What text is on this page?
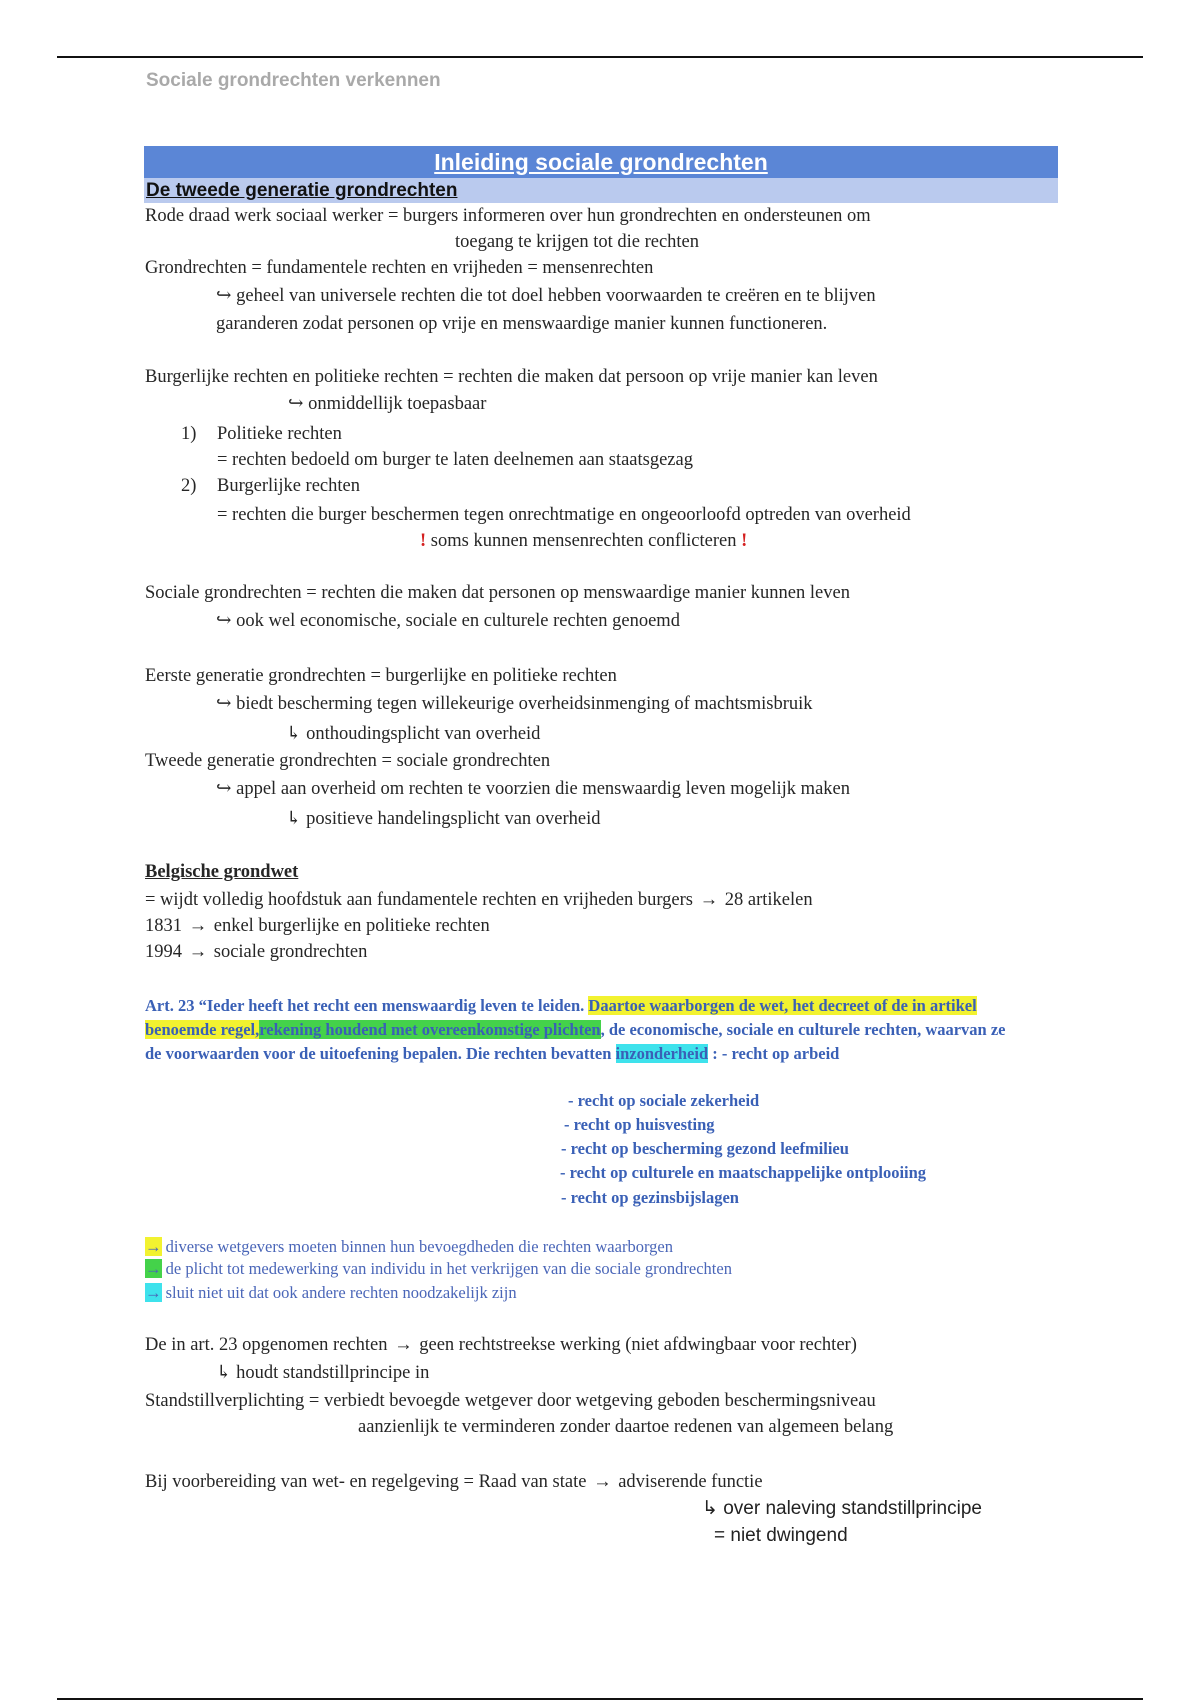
Sociale grondrechten verkennen
Inleiding sociale grondrechten
De tweede generatie grondrechten
Rode draad werk sociaal werker = burgers informeren over hun grondrechten en ondersteunen om
toegang te krijgen tot die rechten
Grondrechten = fundamentele rechten en vrijheden = mensenrechten
↪ geheel van universele rechten die tot doel hebben voorwaarden te creëren en te blijven
garanderen zodat personen op vrije en menswaardige manier kunnen functioneren.
Burgerlijke rechten en politieke rechten = rechten die maken dat persoon op vrije manier kan leven
↪ onmiddellijk toepasbaar
1) Politieke rechten
= rechten bedoeld om burger te laten deelnemen aan staatsgezag
2) Burgerlijke rechten
= rechten die burger beschermen tegen onrechtmatige en ongeoorloofd optreden van overheid
! soms kunnen mensenrechten conflicteren !
Sociale grondrechten = rechten die maken dat personen op menswaardige manier kunnen leven
↪ ook wel economische, sociale en culturele rechten genoemd
Eerste generatie grondrechten = burgerlijke en politieke rechten
↪ biedt bescherming tegen willekeurige overheidsinmenging of machtsmisbruik
↳ onthoudingsplicht van overheid
Tweede generatie grondrechten = sociale grondrechten
↪ appel aan overheid om rechten te voorzien die menswaardig leven mogelijk maken
↳ positieve handelingsplicht van overheid
Belgische grondwet
= wijdt volledig hoofdstuk aan fundamentele rechten en vrijheden burgers → 28 artikelen
1831 → enkel burgerlijke en politieke rechten
1994 → sociale grondrechten
Art. 23 “Ieder heeft het recht een menswaardig leven te leiden. Daartoe waarborgen de wet, het decreet of de in artikel benoemde regel,rekening houdend met overeenkomstige plichten, de economische, sociale en culturele rechten, waarvan ze de voorwaarden voor de uitoefening bepalen. Die rechten bevatten inzonderheid : - recht op arbeid
- recht op sociale zekerheid
- recht op huisvesting
- recht op bescherming gezond leefmilieu
- recht op culturele en maatschappelijke ontplooiing
- recht op gezinsbijslagen
→ diverse wetgevers moeten binnen hun bevoegdheden die rechten waarborgen
→ de plicht tot medewerking van individu in het verkrijgen van die sociale grondrechten
→ sluit niet uit dat ook andere rechten noodzakelijk zijn
De in art. 23 opgenomen rechten → geen rechtstreekse werking (niet afdwingbaar voor rechter)
↳ houdt standstillprincipe in
Standstillverplichting = verbiedt bevoegde wetgever door wetgeving geboden beschermingsniveau
aanzienlijk te verminderen zonder daartoe redenen van algemeen belang
Bij voorbereiding van wet- en regelgeving = Raad van state → adviserende functie
↳ over naleving standstillprincipe
= niet dwingend
